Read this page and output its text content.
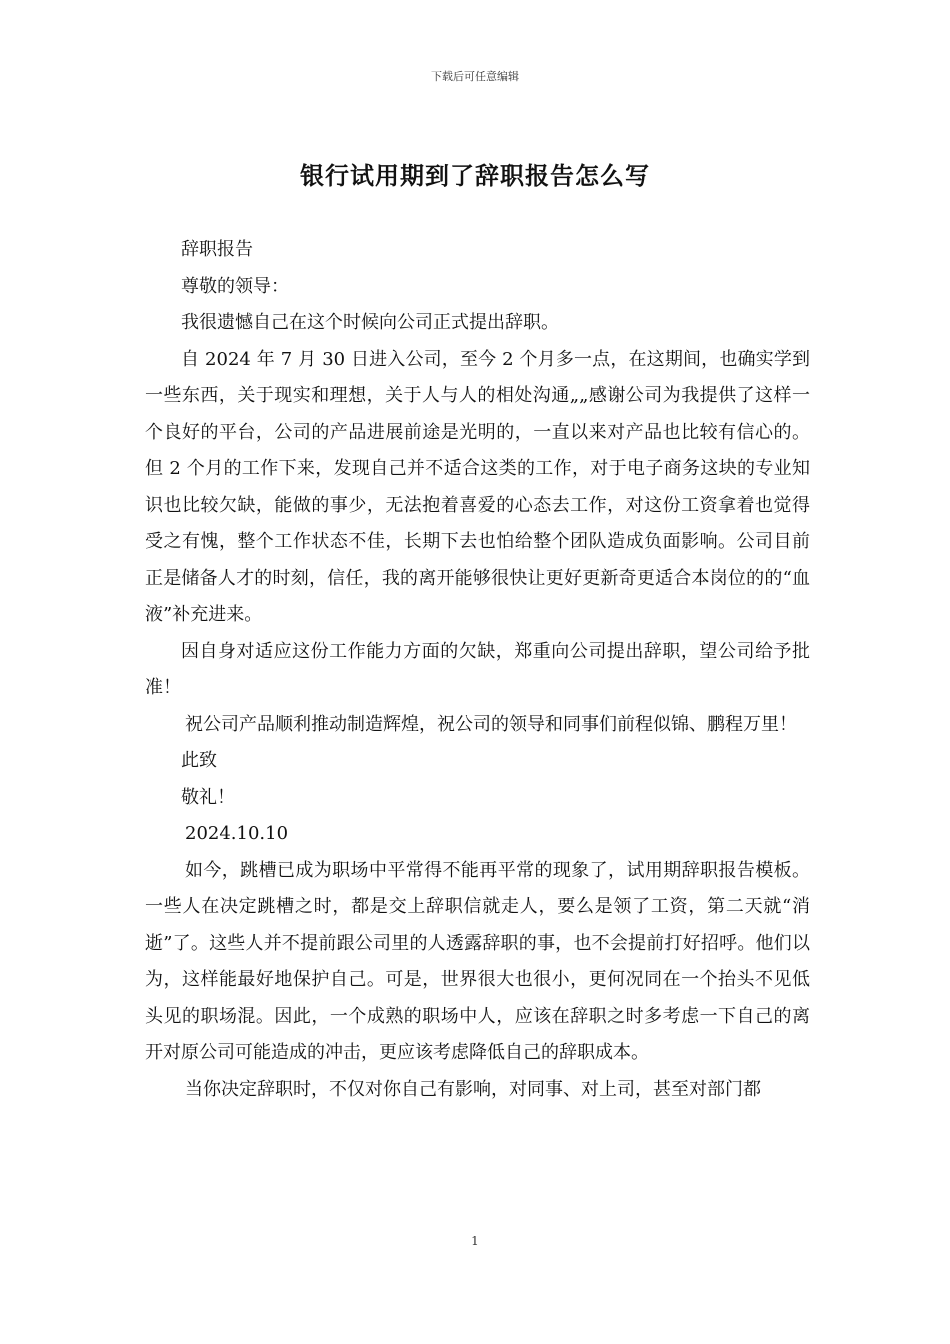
下载后可任意编辑
银行试用期到了辞职报告怎么写

辞职报告

尊敬的领导：

我很遗憾自己在这个时候向公司正式提出辞职。

自 2024 年 7 月 30 日进入公司，至今 2 个月多一点，在这期间，也确实学到一些东西，关于现实和理想，关于人与人的相处沟通„„感谢公司为我提供了这样一个良好的平台，公司的产品进展前途是光明的，一直以来对产品也比较有信心的。但 2 个月的工作下来，发现自己并不适合这类的工作，对于电子商务这块的专业知识也比较欠缺，能做的事少，无法抱着喜爱的心态去工作，对这份工资拿着也觉得受之有愧，整个工作状态不佳，长期下去也怕给整个团队造成负面影响。公司目前正是储备人才的时刻，信任，我的离开能够很快让更好更新奇更适合本岗位的的“血液”补充进来。

因自身对适应这份工作能力方面的欠缺，郑重向公司提出辞职，望公司给予批准！

祝公司产品顺利推动制造辉煌，祝公司的领导和同事们前程似锦、鹏程万里！

此致

敬礼！

2024.10.10

如今，跳槽已成为职场中平常得不能再平常的现象了，试用期辞职报告模板。一些人在决定跳槽之时，都是交上辞职信就走人，要么是领了工资，第二天就“消逝”了。这些人并不提前跟公司里的人透露辞职的事，也不会提前打好招呼。他们以为，这样能最好地保护自己。可是，世界很大也很小，更何况同在一个抬头不见低头见的职场混。因此，一个成熟的职场中人，应该在辞职之时多考虑一下自己的离开对原公司可能造成的冲击，更应该考虑降低自己的辞职成本。

当你决定辞职时，不仅对你自己有影响，对同事、对上司，甚至对部门都

1
